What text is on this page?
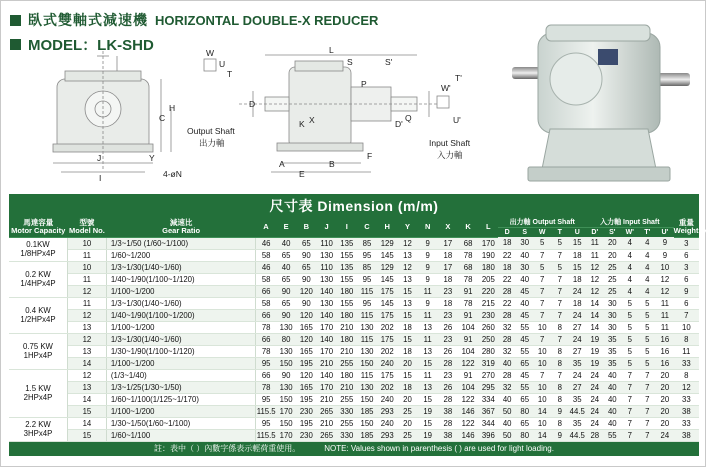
臥式雙軸式減速機 HORIZONTAL DOUBLE-X REDUCER
MODEL：LK-SHD	W
U
T
S
C
H
L
D
E
A	B
K X
P
S'
W'
T'
U'
D'
Q
Y
J
I
F
Output Shaft
出力軸	Input Shaft
入力軸
4-øN
尺寸表 Dimension (m/m)
馬達容量
Motor Capacity	型號
Model No.	減速比
Gear Ratio	A	E	B	J	I	C	H	Y	N	X	K	L	出力軸 Output Shaft					入力軸 Input Shaft					重量
Weight (kg)約
															D	S	W	T	U	D'	S'	W'	T'	U'	
0.1KW
1/8HPx4P	10	1/3~1/50 (1/60~1/100)	46	40	65	110	135	85	129	12	9	17	68	170	18	30	5	5	15	11	20	4	4	9	3
	11	1/60~1/200	58	65	90	130	155	95	145	13	9	18	78	190	22	40	7	7	18	11	20	4	4	9	6
0.2 KW
1/4HPx4P	10	1/3~1/30(1/40~1/60)	46	40	65	110	135	85	129	12	9	17	68	180	18	30	5	5	15	12	25	4	4	10	3
	11	1/40~1/90(1/100~1/120)	58	65	90	130	155	95	145	13	9	18	78	205	22	40	7	7	18	12	25	4	4	12	6
	12	1/100~1/200	66	90	120	140	180	115	175	15	11	23	91	220	28	45	7	7	24	12	25	4	4	12	9
0.4 KW
1/2HPx4P	11	1/3~1/30(1/40~1/60)	58	65	90	130	155	95	145	13	9	18	78	215	22	40	7	7	18	14	30	5	5	11	6
	12	1/40~1/90(1/100~1/200)	66	90	120	140	180	115	175	15	11	23	91	230	28	45	7	7	24	14	30	5	5	11	7
	13	1/100~1/200	78	130	165	170	210	130	202	18	13	26	104	260	32	55	10	8	27	14	30	5	5	11	10
0.75 KW
1HPx4P	12	1/3~1/30(1/40~1/60)	66	80	120	140	180	115	175	15	11	23	91	250	28	45	7	7	24	19	35	5	5	16	8
	13	1/30~1/90(1/100~1/120)	78	130	165	170	210	130	202	18	13	26	104	280	32	55	10	8	27	19	35	5	5	16	11
	14	1/100~1/200	95	150	195	210	255	150	240	20	15	28	122	319	40	65	10	8	35	19	35	5	5	16	33
1.5 KW
2HPx4P	12	(1/3~1/40)	66	90	120	140	180	115	175	15	11	23	91	270	28	45	7	7	24	24	40	7	7	20	8
	13	1/3~1/25(1/30~1/50)	78	130	165	170	210	130	202	18	13	26	104	295	32	55	10	8	27	24	40	7	7	20	12
	14	1/60~1/100(1/125~1/170)	95	150	195	210	255	150	240	20	15	28	122	334	40	65	10	8	35	24	40	7	7	20	33
	15	1/100~1/200	115.5	170	230	265	330	185	293	25	19	38	146	367	50	80	14	9	44.5	24	40	7	7	20	38
2.2 KW
3HPx4P	14	1/30~1/50(1/60~1/100)	95	150	195	210	255	150	240	20	15	28	122	344	40	65	10	8	35	24	40	7	7	20	33
	15	1/60~1/100	115.5	170	230	265	330	185	293	25	19	38	146	396	50	80	14	9	44.5	28	55	7	7	24	38
註：表中（ ）內數字係表示輕荷重使用。	NOTE: Values shown in parenthesis ( ) are used for light loading.
